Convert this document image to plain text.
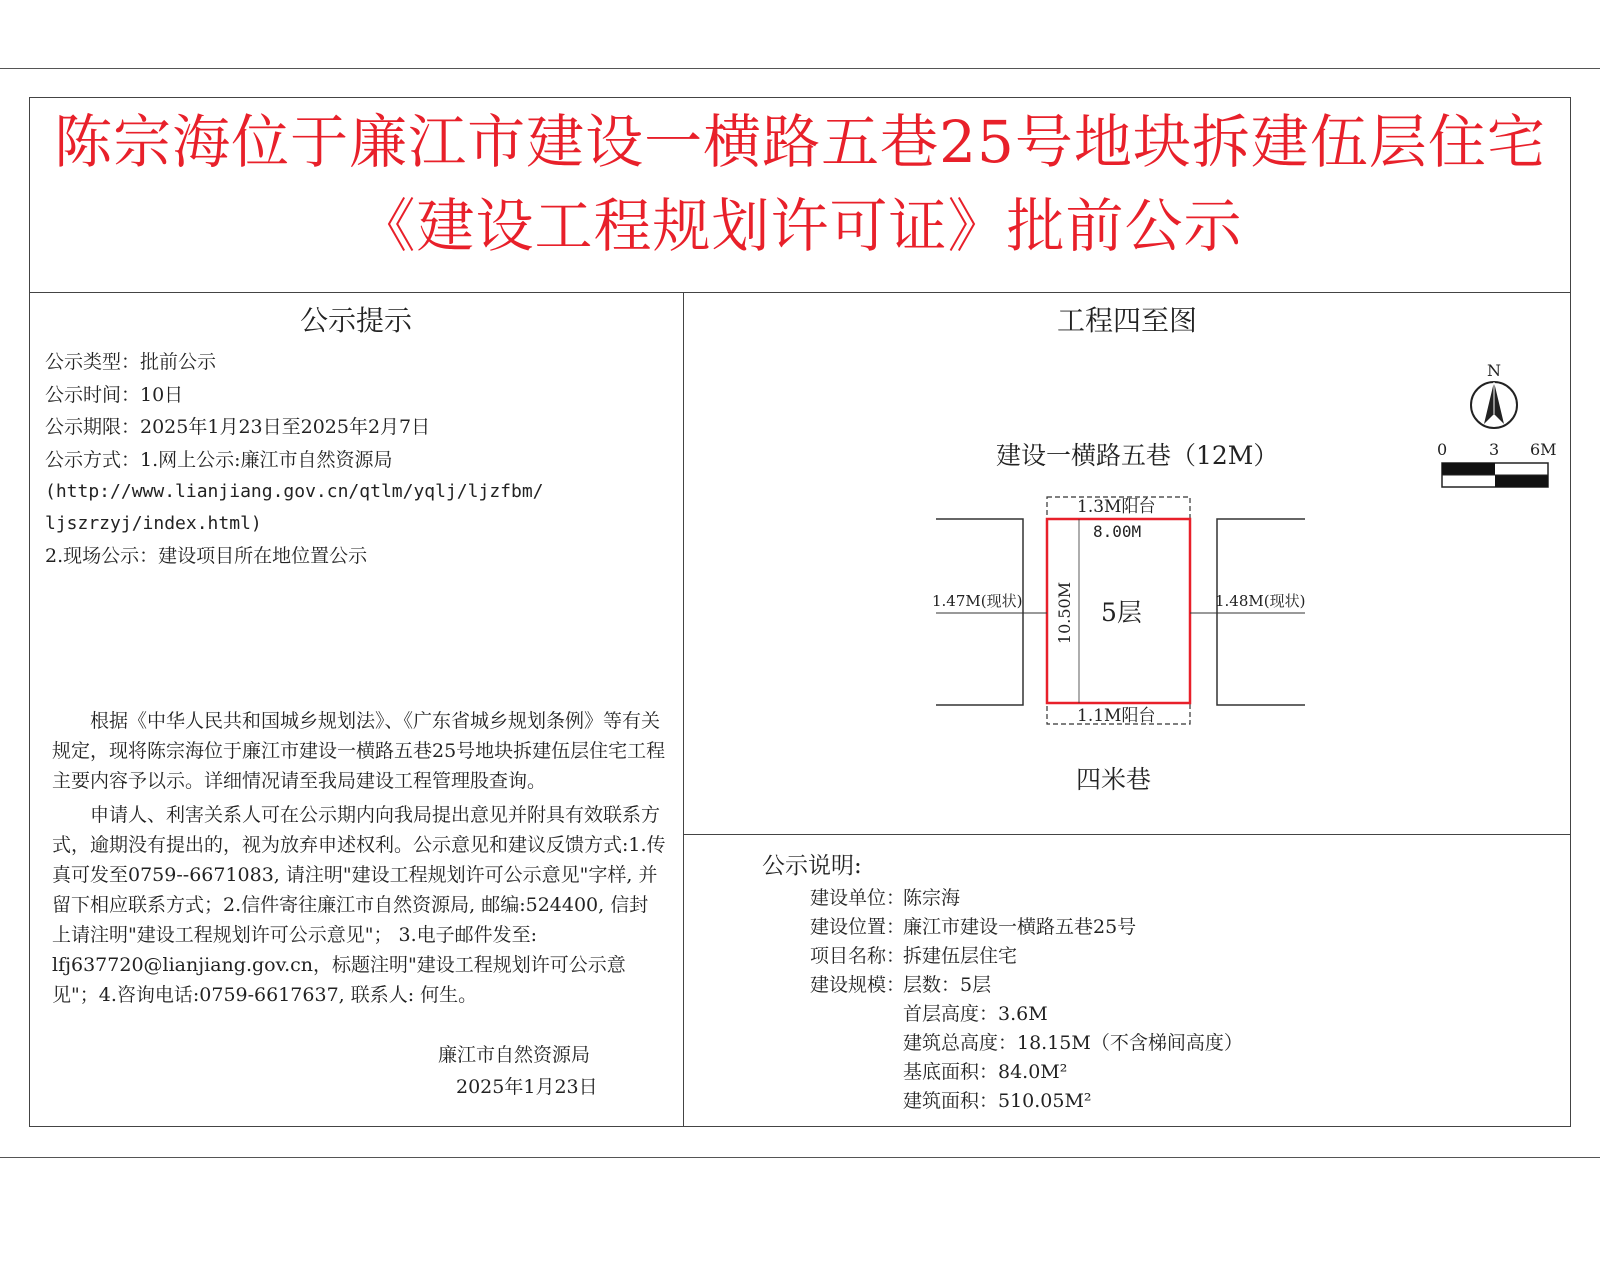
陈宗海位于廉江市建设一横路五巷25号地块拆建伍层住宅
《建设工程规划许可证》批前公示
公示提示
公示类型：批前公示
公示时间：10日
公示期限：2025年1月23日至2025年2月7日
公示方式：1.网上公示:廉江市自然资源局
(http://www.lianjiang.gov.cn/qtlm/yqlj/ljzfbm/
ljszrzyj/index.html)
2.现场公示：建设项目所在地位置公示
根据《中华人民共和国城乡规划法》、《广东省城乡规划条例》等有关规定，现将陈宗海位于廉江市建设一横路五巷25号地块拆建伍层住宅工程主要内容予以示。详细情况请至我局建设工程管理股查询。
申请人、利害关系人可在公示期内向我局提出意见并附具有效联系方式，逾期没有提出的，视为放弃申述权利。公示意见和建议反馈方式:1.传真可发至0759--6671083, 请注明"建设工程规划许可公示意见"字样, 并留下相应联系方式；2.信件寄往廉江市自然资源局, 邮编:524400, 信封上请注明"建设工程规划许可公示意见"； 3.电子邮件发至: lfj637720@lianjiang.gov.cn，标题注明"建设工程规划许可公示意见"；4.咨询电话:0759-6617637, 联系人: 何生。
廉江市自然资源局
2025年1月23日
工程四至图
N
0	3 6M
建设一横路五巷（12M）
1.3M阳台
8.00M
5层
10.50M
1.47M(现状)	1.48M(现状)
1.1M阳台
四米巷
公示说明:
建设单位：
陈宗海
建设位置：
廉江市建设一横路五巷25号
项目名称：
拆建伍层住宅
建设规模：
层数：5层
首层高度：3.6M
建筑总高度：18.15M（不含梯间高度）
基底面积：84.0M²
建筑面积：510.05M²
